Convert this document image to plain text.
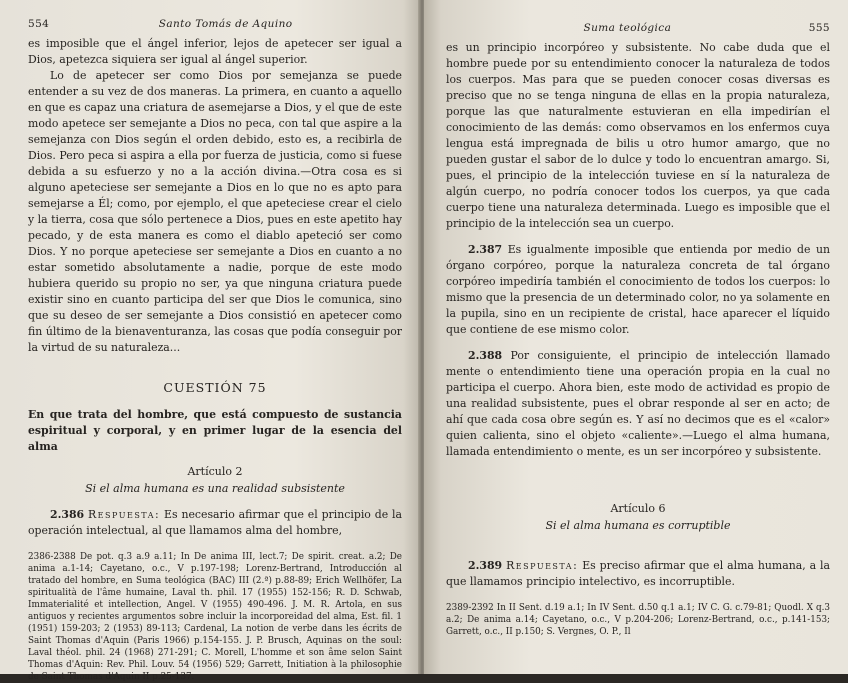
554	Santo Tomás de Aquino

es imposible que el ángel inferior, lejos de apetecer ser igual a Dios, apetezca siquiera ser igual al ángel superior.

Lo de apetecer ser como Dios por semejanza se puede entender a su vez de dos maneras. La primera, en cuanto a aquello en que es capaz una criatura de asemejarse a Dios, y el que de este modo apetece ser semejante a Dios no peca, con tal que aspire a la semejanza con Dios según el orden debido, esto es, a recibirla de Dios. Pero peca si aspira a ella por fuerza de justicia, como si fuese debida a su esfuerzo y no a la acción divina.—Otra cosa es si alguno apeteciese ser semejante a Dios en lo que no es apto para semejarse a Él; como, por ejemplo, el que apeteciese crear el cielo y la tierra, cosa que sólo pertenece a Dios, pues en este apetito hay pecado, y de esta manera es como el diablo apeteció ser como Dios. Y no porque apeteciese ser semejante a Dios en cuanto a no estar sometido absolutamente a nadie, porque de este modo hubiera querido su propio no ser, ya que ninguna criatura puede existir sino en cuanto participa del ser que Dios le comunica, sino que su deseo de ser semejante a Dios consistió en apetecer como fin último de la bienaventuranza, las cosas que podía conseguir por la virtud de su naturaleza...

CUESTIÓN 75
En que trata del hombre, que está compuesto de sustancia espiritual y corporal, y en primer lugar de la esencia del alma
Artículo 2
Si el alma humana es una realidad subsistente

2.386 Respuesta: Es necesario afirmar que el principio de la operación intelectual, al que llamamos alma del hombre,

2386-2388 De pot. q.3 a.9 a.11; In De anima III, lect.7; De spirit. creat. a.2; De anima a.1-14; Cayetano, o.c., V p.197-198; Lorenz-Bertrand, Introducción al tratado del hombre, en Suma teológica (BAC) III (2.ª) p.88-89; Erich Wellhöfer, La spiritualità de l'âme humaine, Laval th. phil. 17 (1955) 152-156; R. D. Schwab, Immaterialité et intellection, Angel. V (1955) 490-496. J. M. R. Artola, en sus antiguos y recientes argumentos sobre incluir la incorporeidad del alma, Est. fil. 1 (1951) 159-203; 2 (1953) 89-113; Cardenal, La notion de verbe dans les écrits de Saint Thomas d'Aquin (Paris 1966) p.154-155. J. P. Brusch, Aquinas on the soul: Laval théol. phil. 24 (1968) 271-291; C. Morell, L'homme et son âme selon Saint Thomas d'Aquin: Rev. Phil. Louv. 54 (1956) 529; Garrett, Initiation à la philosophie de Saint Thomas d'Aquin II p.25-137.

Suma teológica	555

es un principio incorpóreo y subsistente. No cabe duda que el hombre puede por su entendimiento conocer la naturaleza de todos los cuerpos. Mas para que se pueden conocer cosas diversas es preciso que no se tenga ninguna de ellas en la propia naturaleza, porque las que naturalmente estuvieran en ella impedirían el conocimiento de las demás: como observamos en los enfermos cuya lengua está impregnada de bilis u otro humor amargo, que no pueden gustar el sabor de lo dulce y todo lo encuentran amargo. Si, pues, el principio de la intelección tuviese en sí la naturaleza de algún cuerpo, no podría conocer todos los cuerpos, ya que cada cuerpo tiene una naturaleza determinada. Luego es imposible que el principio de la intelección sea un cuerpo.

2.387 Es igualmente imposible que entienda por medio de un órgano corpóreo, porque la naturaleza concreta de tal órgano corpóreo impediría también el conocimiento de todos los cuerpos: lo mismo que la presencia de un determinado color, no ya solamente en la pupila, sino en un recipiente de cristal, hace aparecer el líquido que contiene de ese mismo color.

2.388 Por consiguiente, el principio de intelección llamado mente o entendimiento tiene una operación propia en la cual no participa el cuerpo. Ahora bien, este modo de actividad es propio de una realidad subsistente, pues el obrar responde al ser en acto; de ahí que cada cosa obre según es. Y así no decimos que es el «calor» quien calienta, sino el objeto «caliente».—Luego el alma humana, llamada entendimiento o mente, es un ser incorpóreo y subsistente.

Artículo 6
Si el alma humana es corruptible

2.389 Respuesta: Es preciso afirmar que el alma humana, a la que llamamos principio intelectivo, es incorruptible.

2389-2392 In II Sent. d.19 a.1; In IV Sent. d.50 q.1 a.1; IV C. G. c.79-81; Quodl. X q.3 a.2; De anima a.14; Cayetano, o.c., V p.204-206; Lorenz-Bertrand, o.c., p.141-153; Garrett, o.c., II p.150; S. Vergnes, O. P., Il
